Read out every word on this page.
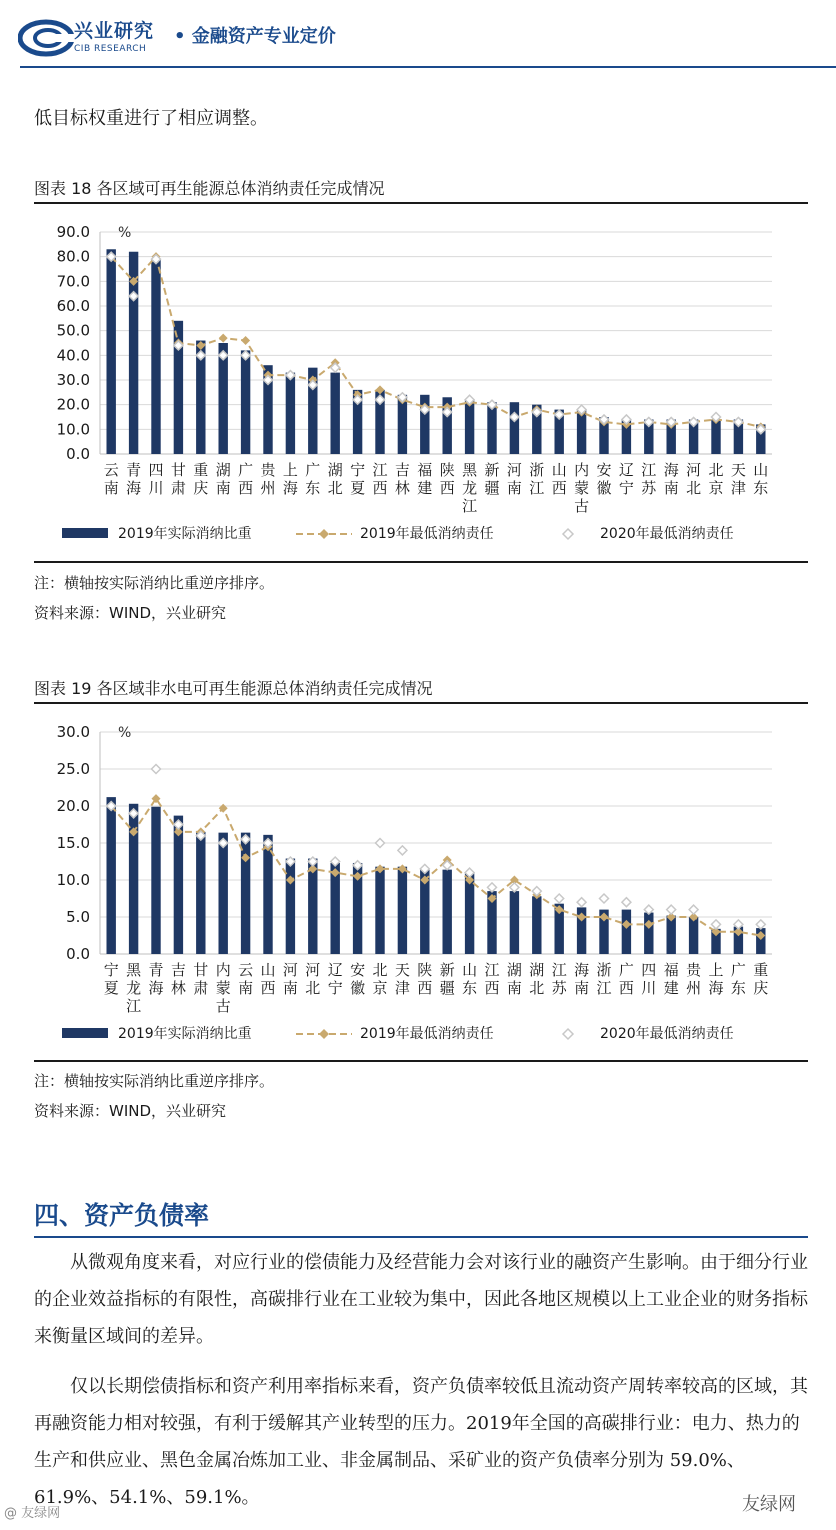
兴业研究
CIB RESEARCH
• 金融资产专业定价
低目标权重进行了相应调整。
图表 18 各区域可再生能源总体消纳责任完成情况
0.0
10.0
20.0
30.0
40.0
50.0
60.0
70.0
80.0
90.0 %
云
南
青
海
四
川
甘
肃
重
庆
湖
南
广
西
贵
州
上
海
广
东
湖
北
宁
夏
江
西
吉
林
福
建
陕
西
黑
龙
江
新
疆
河
南
浙
江
山
西
内
蒙
古
安
徽
辽
宁
江
苏
海
南
河
北
北
京
天
津
山
东
2019年实际消纳比重	2019年最低消纳责任	2020年最低消纳责任
注：横轴按实际消纳比重逆序排序。
资料来源：WIND，兴业研究
图表 19 各区域非水电可再生能源总体消纳责任完成情况
0.0
5.0
10.0
15.0
20.0
25.0
30.0 %
宁
夏
黑
龙
江
青
海
吉
林
甘
肃
内
蒙
古
云
南
山
西
河
南
河
北
辽
宁
安
徽
北
京
天
津
陕
西
新
疆
山
东
江
西
湖
南
湖
北
江
苏
海
南
浙
江
广
西
四
川
福
建
贵
州
上
海
广
东
重
庆
2019年实际消纳比重	2019年最低消纳责任	2020年最低消纳责任
注：横轴按实际消纳比重逆序排序。
资料来源：WIND，兴业研究
四、资产负债率
从微观角度来看，对应行业的偿债能力及经营能力会对该行业的融资产生影响。由于细分行业的企业效益指标的有限性，高碳排行业在工业较为集中，因此各地区规模以上工业企业的财务指标来衡量区域间的差异。
仅以长期偿债指标和资产利用率指标来看，资产负债率较低且流动资产周转率较高的区域，其再融资能力相对较强，有利于缓解其产业转型的压力。2019年全国的高碳排行业：电力、热力的生产和供应业、黑色金属冶炼加工业、非金属制品、采矿业的资产负债率分别为 59.0%、61.9%、54.1%、59.1%。
@ 友绿网	友绿网
